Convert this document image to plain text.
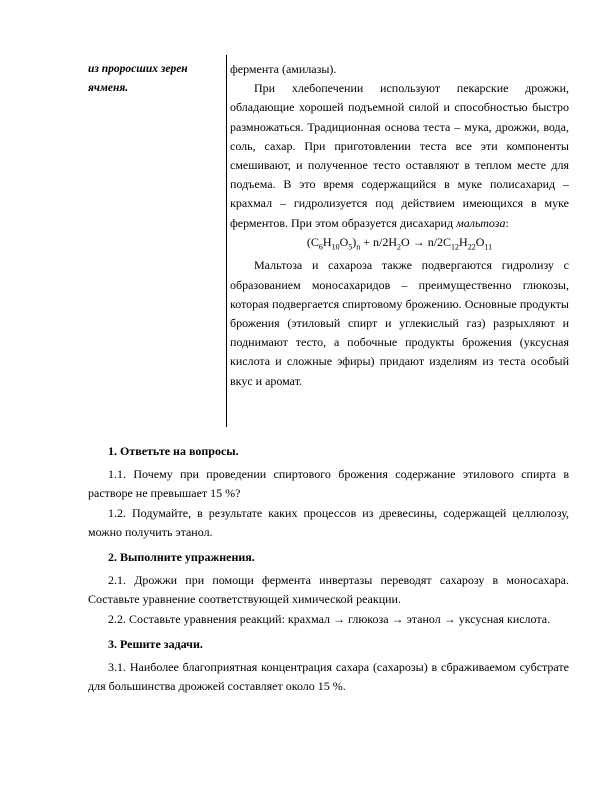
из проросших зерен ячменя.

фермента (амилазы).

При хлебопечении используют пекарские дрожжи, обладающие хорошей подъемной силой и способностью быстро размножаться. Традиционная основа теста – мука, дрожжи, вода, соль, сахар. При приготовлении теста все эти компоненты смешивают, и полученное тесто оставляют в теплом месте для подъема. В это время содержащийся в муке полисахарид – крахмал – гидролизуется под действием имеющихся в муке ферментов. При этом образуется дисахарид мальтоза:

$(C_6H_{10}O_5)_n + n/2H_2O \to n/2C_{12}H_{22}O_{11}$

Мальтоза и сахароза также подвергаются гидролизу с образованием моносахаридов – преимущественно глюкозы, которая подвергается спиртовому брожению. Основные продукты брожения (этиловый спирт и углекислый газ) разрыхляют и поднимают тесто, а побочные продукты брожения (уксусная кислота и сложные эфиры) придают изделиям из теста особый вкус и аромат.

1. Ответьте на вопросы.

1.1. Почему при проведении спиртового брожения содержание этилового спирта в растворе не превышает 15 %?

1.2. Подумайте, в результате каких процессов из древесины, содержащей целлюлозу, можно получить этанол.

2. Выполните упражнения.

2.1. Дрожжи при помощи фермента инвертазы переводят сахарозу в моносахара. Составьте уравнение соответствующей химической реакции.

2.2. Составьте уравнения реакций: крахмал → глюкоза → этанол → уксусная кислота.

3. Решите задачи.

3.1. Наиболее благоприятная концентрация сахара (сахарозы) в сбраживаемом субстрате для большинства дрожжей составляет около 15 %.
